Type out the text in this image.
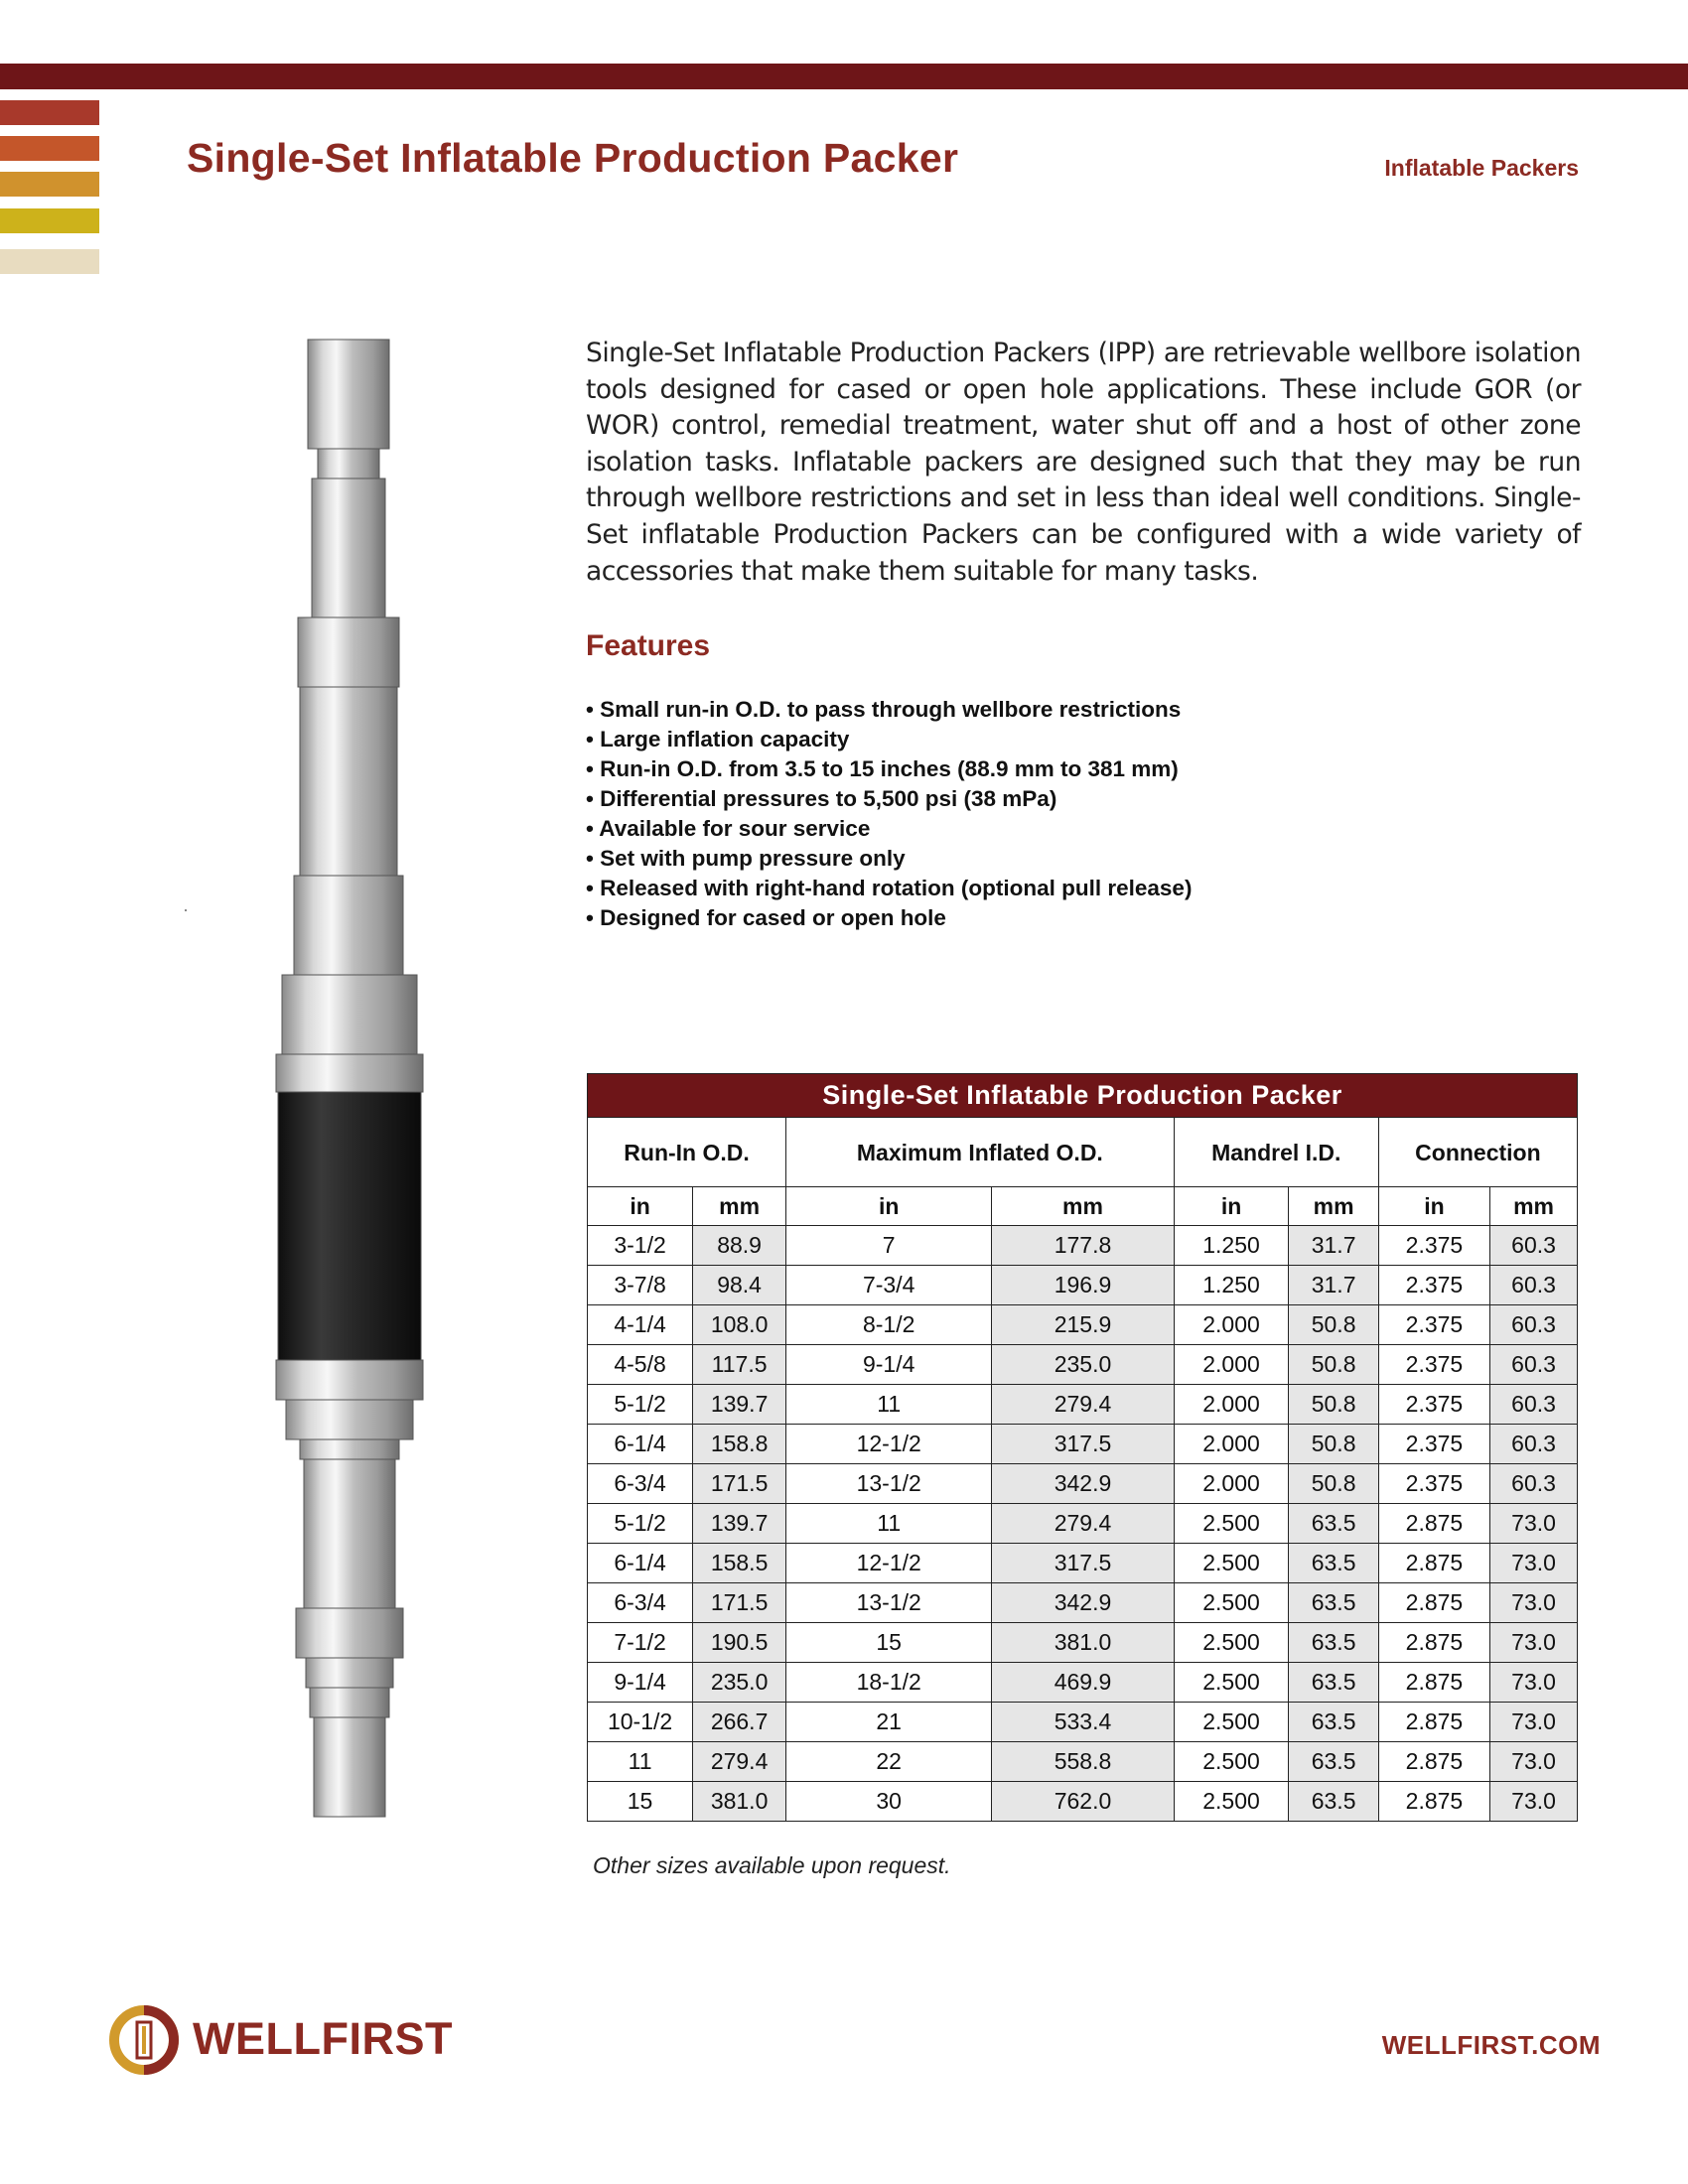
Single-Set Inflatable Production Packer	Inflatable Packers
Single-Set Inflatable Production Packers (IPP) are retrievable wellbore isolation tools designed for cased or open hole applications. These include GOR (or WOR) control, remedial treatment, water shut off and a host of other zone isolation tasks. Inflatable packers are designed such that they may be run through wellbore restrictions and set in less than ideal well conditions. Single-Set inflatable Production Packers can be configured with a wide variety of accessories that make them suitable for many tasks.
Features
• Small run-in O.D. to pass through wellbore restrictions
• Large inflation capacity
• Run-in O.D. from 3.5 to 15 inches (88.9 mm to 381 mm)
• Differential pressures to 5,500 psi (38 mPa)
• Available for sour service
• Set with pump pressure only
• Released with right-hand rotation (optional pull release)
• Designed for cased or open hole
Single-Set Inflatable Production Packer							
Run-In O.D.		Maximum Inflated O.D.		Mandrel I.D.		Connection	
in	mm	in	mm	in	mm	in	mm
3-1/2	88.9	7	177.8	1.250	31.7	2.375	60.3
3-7/8	98.4	7-3/4	196.9	1.250	31.7	2.375	60.3
4-1/4	108.0	8-1/2	215.9	2.000	50.8	2.375	60.3
4-5/8	117.5	9-1/4	235.0	2.000	50.8	2.375	60.3
5-1/2	139.7	11	279.4	2.000	50.8	2.375	60.3
6-1/4	158.8	12-1/2	317.5	2.000	50.8	2.375	60.3
6-3/4	171.5	13-1/2	342.9	2.000	50.8	2.375	60.3
5-1/2	139.7	11	279.4	2.500	63.5	2.875	73.0
6-1/4	158.5	12-1/2	317.5	2.500	63.5	2.875	73.0
6-3/4	171.5	13-1/2	342.9	2.500	63.5	2.875	73.0
7-1/2	190.5	15	381.0	2.500	63.5	2.875	73.0
9-1/4	235.0	18-1/2	469.9	2.500	63.5	2.875	73.0
10-1/2	266.7	21	533.4	2.500	63.5	2.875	73.0
11	279.4	22	558.8	2.500	63.5	2.875	73.0
15	381.0	30	762.0	2.500	63.5	2.875	73.0
Other sizes available upon request.
WELLFIRST	WELLFIRST.COM
